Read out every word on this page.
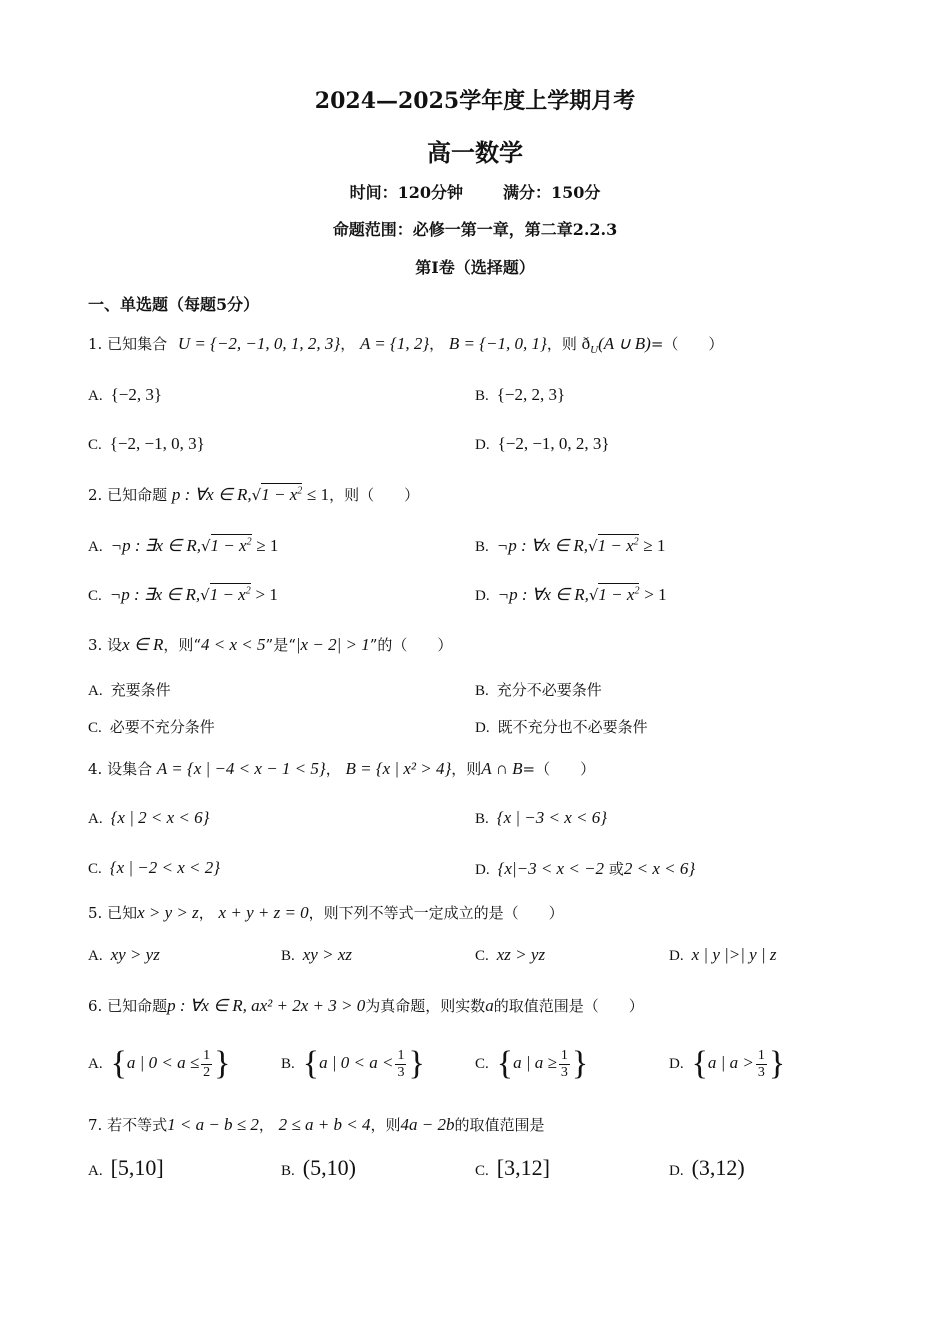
2024—2025学年度上学期月考
高一数学
时间：120分钟	满分：150分
命题范围：必修一第一章，第二章2.2.3
第Ⅰ卷（选择题）
一、单选题（每题5分）
1. 已知集合 U = {−2, −1, 0, 1, 2, 3}， A = {1, 2}， B = {−1, 0, 1}，则 $ð_U(A$ ∪ B)=（　　）
A. {−2, 3}	B. {−2, 2, 3}
C. {−2, −1, 0, 3}	D. {−2, −1, 0, 2, 3}
2. 已知命题 p : ∀x ∈ $R,√1 - x^2 \le 1$，则（　　）
A. ¬p : ∃x ∈ $R,√1 - x^2 \ge 1$	B. ¬p : ∀x ∈ $R,√1 - x^2 \ge 1$
C. ¬p : ∃x ∈ $R,√1 - x^2 > 1$	D. ¬p : ∀x ∈ $R,√1 - x^2 > 1$
3. 设x ∈ R，则“4 < x < 5”是“|x − 2| > 1”的（　　）
A. 充要条件	B. 充分不必要条件
C. 必要不充分条件	D. 既不充分也不必要条件
4. 设集合 A = {x | −4 < x − 1 < 5}， B = {x | x² > 4}，则A ∩ B=（　　）
A. {x | 2 < x < 6}	B. {x | −3 < x < 6}
C. {x | −2 < x < 2}	D. {x|−3 < x < −2 或2 < x < 6}
5. 已知x > y > z， x + y + z = 0，则下列不等式一定成立的是（　　）
A. xy > yz	B. xy > xz	C. xz > yz	D. x | y |>| y | z
6. 已知命题p : ∀x ∈ R, ax² + 2x + 3 > 0为真命题，则实数a的取值范围是（　　）
A. {a | $0 < a \le \frac{1}{2}$ }	B. {a | $0 < a < \frac{1}{3}$ }	C. {a | $a \ge \frac{1}{3}$ }	D. {a | $a > \frac{1}{3}$ }
7. 若不等式1 < a − b ≤ 2， 2 ≤ a + b < 4，则4a − 2b的取值范围是
A. [5,10]	B. (5,10)	C. [3,12]	D. (3,12)
